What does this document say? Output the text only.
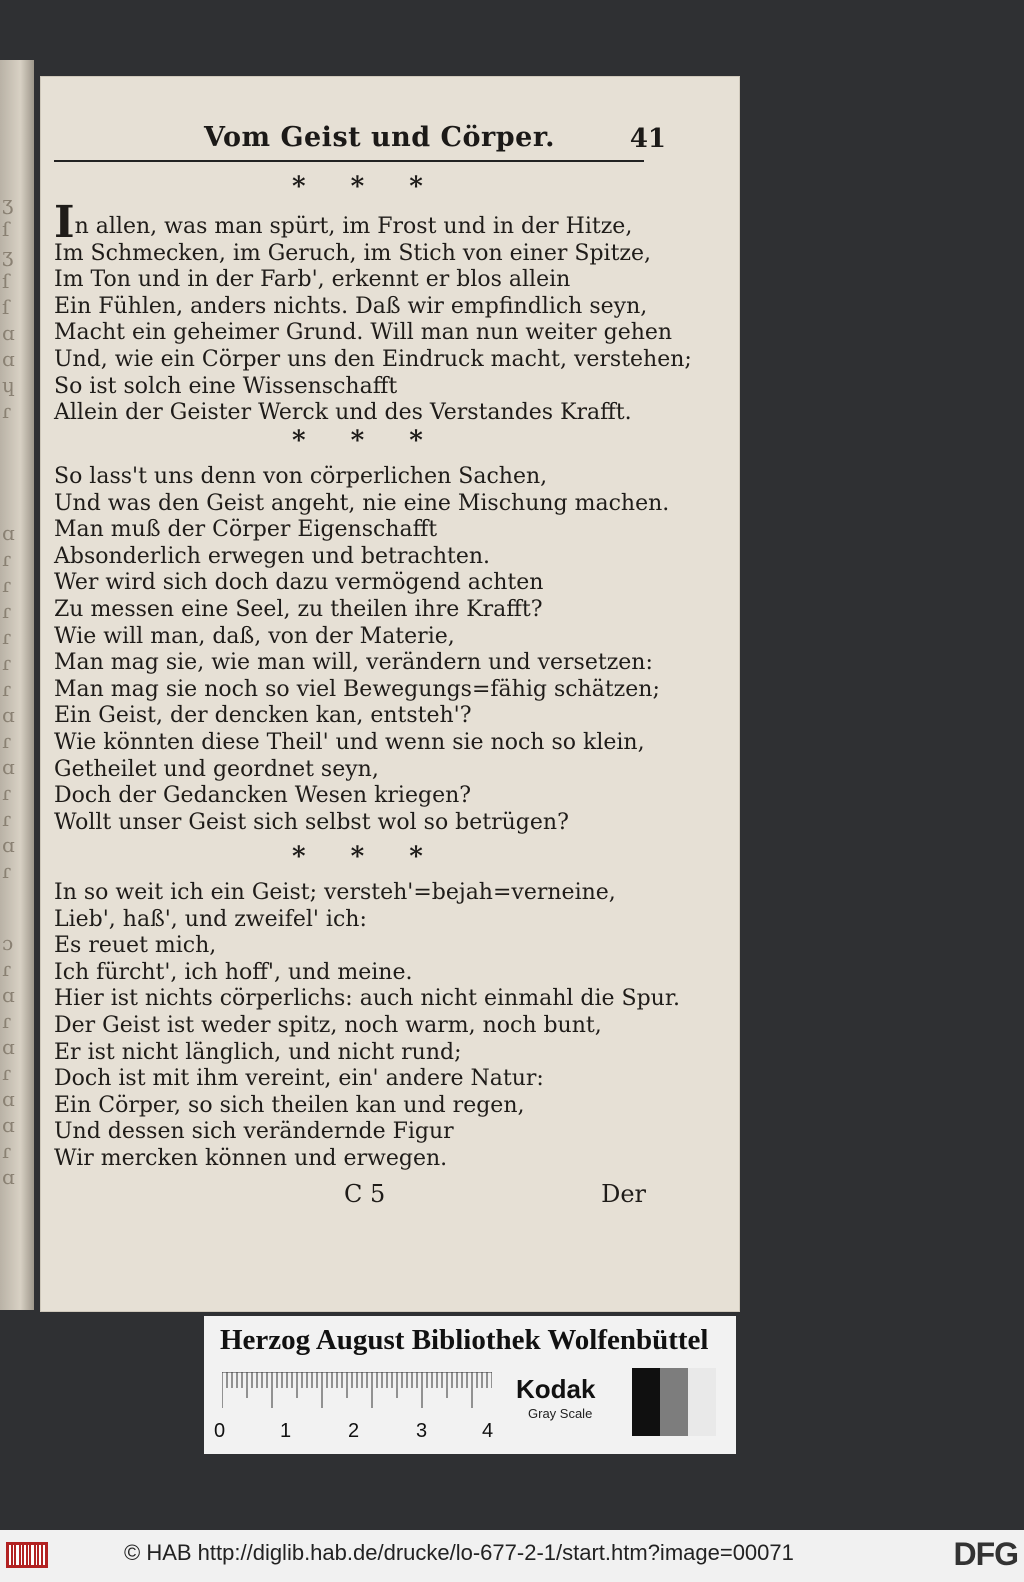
ʒ
ſ
ʒ
ſ
ſ
ɑ
ɑ
ɥ
ɾ
ɑ
ɾ
ɾ
ɾ
ɾ
ɾ
ɾ
ɑ
ɾ
ɑ
ɾ
ɾ
ɑ
ɾ
ɔ
ɾ
ɑ
ɾ
ɑ
ɾ
ɑ
ɑ
ɾ
ɑ
Vom Geist und Cörper.	41
* * *
In allen, was man spürt, im Frost und in der Hitze,
Im Schmecken, im Geruch, im Stich von einer Spitze,
Im Ton und in der Farb', erkennt er blos allein
Ein Fühlen, anders nichts. Daß wir empfindlich seyn,
Macht ein geheimer Grund. Will man nun weiter gehen
Und, wie ein Cörper uns den Eindruck macht, verstehen;
So ist solch eine Wissenschafft
Allein der Geister Werck und des Verstandes Krafft.
* * *
So lass't uns denn von cörperlichen Sachen,
Und was den Geist angeht, nie eine Mischung machen.
Man muß der Cörper Eigenschafft
Absonderlich erwegen und betrachten.
Wer wird sich doch dazu vermögend achten
Zu messen eine Seel, zu theilen ihre Krafft?
Wie will man, daß, von der Materie,
Man mag sie, wie man will, verändern und versetzen:
Man mag sie noch so viel Bewegungs=fähig schätzen;
Ein Geist, der dencken kan, entsteh'?
Wie könnten diese Theil' und wenn sie noch so klein,
Getheilet und geordnet seyn,
Doch der Gedancken Wesen kriegen?
Wollt unser Geist sich selbst wol so betrügen?
* * *
In so weit ich ein Geist; versteh'=bejah=verneine,
Lieb', haß', und zweifel' ich:
Es reuet mich,
Ich fürcht', ich hoff', und meine.
Hier ist nichts cörperlichs: auch nicht einmahl die Spur.
Der Geist ist weder spitz, noch warm, noch bunt,
Er ist nicht länglich, und nicht rund;
Doch ist mit ihm vereint, ein' andere Natur:
Ein Cörper, so sich theilen kan und regen,
Und dessen sich verändernde Figur
Wir mercken können und erwegen.
C 5	Der
Herzog August Bibliothek Wolfenbüttel
0	1	2	3	4
Kodak
Gray Scale
© HAB http://diglib.hab.de/drucke/lo-677-2-1/start.htm?image=00071	DFG
